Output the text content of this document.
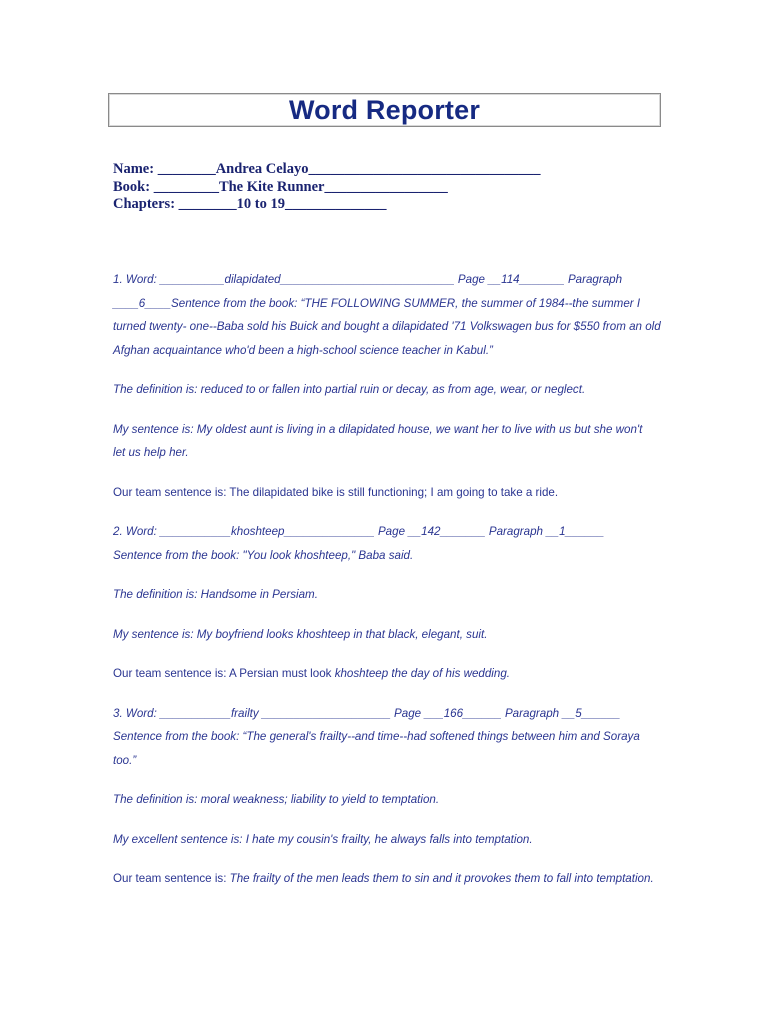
Word Reporter
Name: ________Andrea Celayo________________________________
Book: _________The Kite Runner_________________
Chapters: ________10 to 19______________

1. Word: __________dilapidated___________________________ Page __114_______ Paragraph

____6____Sentence from the book: “THE FOLLOWING SUMMER, the summer of 1984--the summer I

turned twenty- one--Baba sold his Buick and bought a dilapidated '71 Volkswagen bus for $550 from an old

Afghan acquaintance who'd been a high-school science teacher in Kabul.”

The definition is: reduced to or fallen into partial ruin or decay, as from age, wear, or neglect.

My sentence is: My oldest aunt is living in a dilapidated house, we want her to live with us but she won't

let us help her.

Our team sentence is: The dilapidated bike is still functioning; I am going to take a ride.

2. Word: ___________khoshteep______________ Page __142_______ Paragraph __1______

Sentence from the book: "You look khoshteep," Baba said.

The definition is: Handsome in Persiam.

My sentence is: My boyfriend looks khoshteep in that black, elegant, suit.

Our team sentence is: A Persian must look khoshteep the day of his wedding.

3. Word: ___________frailty ____________________ Page ___166______ Paragraph __5______

Sentence from the book: “The general's frailty--and time--had softened things between him and Soraya

too.”

The definition is: moral weakness; liability to yield to temptation.

My excellent sentence is: I hate my cousin's frailty, he always falls into temptation.

Our team sentence is: The frailty of the men leads them to sin and it provokes them to fall into temptation.
